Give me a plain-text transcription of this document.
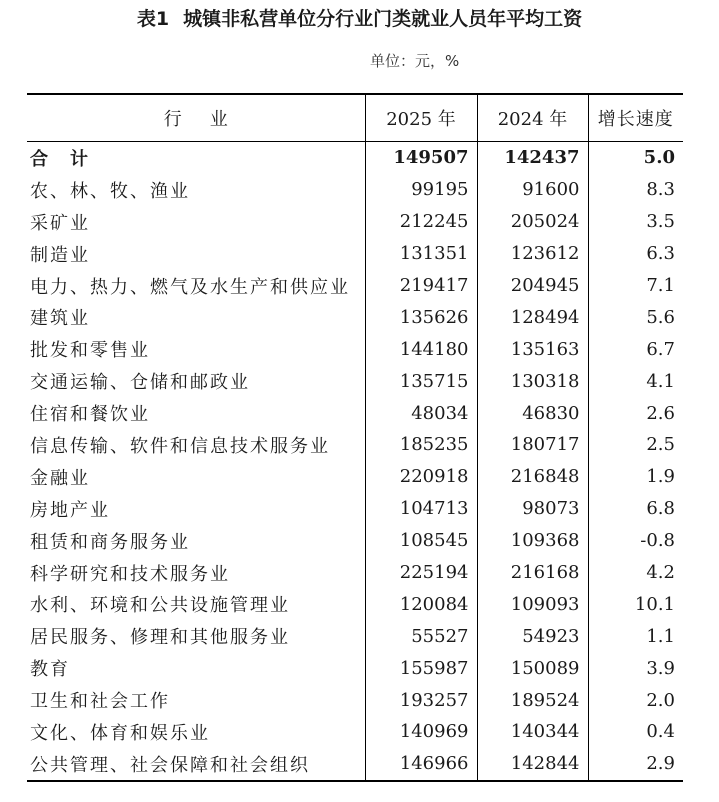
表1 城镇非私营单位分行业门类就业人员年平均工资
单位：元，%
行业	2025 年	2024 年	增长速度
合计	149507	142437	5.0
农、林、牧、渔业	99195	91600	8.3
采矿业	212245	205024	3.5
制造业	131351	123612	6.3
电力、热力、燃气及水生产和供应业	219417	204945	7.1
建筑业	135626	128494	5.6
批发和零售业	144180	135163	6.7
交通运输、仓储和邮政业	135715	130318	4.1
住宿和餐饮业	48034	46830	2.6
信息传输、软件和信息技术服务业	185235	180717	2.5
金融业	220918	216848	1.9
房地产业	104713	98073	6.8
租赁和商务服务业	108545	109368	-0.8
科学研究和技术服务业	225194	216168	4.2
水利、环境和公共设施管理业	120084	109093	10.1
居民服务、修理和其他服务业	55527	54923	1.1
教育	155987	150089	3.9
卫生和社会工作	193257	189524	2.0
文化、体育和娱乐业	140969	140344	0.4
公共管理、社会保障和社会组织	146966	142844	2.9
